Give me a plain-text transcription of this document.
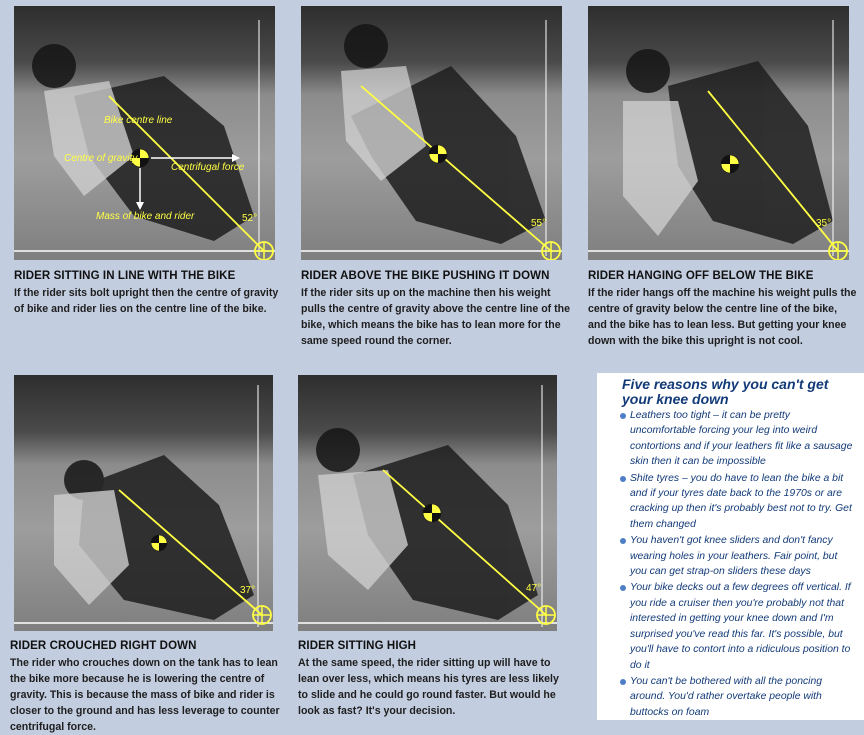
Bike centre line
Centre of gravity
Centrifugal force
Mass of bike and rider	52°
RIDER SITTING IN LINE WITH THE BIKE
If the rider sits bolt upright then the centre of gravity of bike and rider lies on the centre line of the bike.
55°
RIDER ABOVE THE BIKE PUSHING IT DOWN
If the rider sits up on the machine then his weight pulls the centre of gravity above the centre line of the bike, which means the bike has to lean more for the same speed round the corner.
35°
RIDER HANGING OFF BELOW THE BIKE
If the rider hangs off the machine his weight pulls the centre of gravity below the centre line of the bike, and the bike has to lean less. But getting your knee down with the bike this upright is not cool.
37°
RIDER CROUCHED RIGHT DOWN
The rider who crouches down on the tank has to lean the bike more because he is lowering the centre of gravity. This is because the mass of bike and rider is closer to the ground and has less leverage to counter centrifugal force.
47°
RIDER SITTING HIGH
At the same speed, the rider sitting up will have to lean over less, which means his tyres are less likely to slide and he could go round faster. But would he look as fast? It's your decision.
Five reasons why you can't get your knee down
Leathers too tight – it can be pretty uncomfortable forcing your leg into weird contortions and if your leathers fit like a sausage skin then it can be impossible
Shite tyres – you do have to lean the bike a bit and if your tyres date back to the 1970s or are cracking up then it's probably best not to try. Get them changed
You haven't got knee sliders and don't fancy wearing holes in your leathers. Fair point, but you can get strap-on sliders these days
Your bike decks out a few degrees off vertical. If you ride a cruiser then you're probably not that interested in getting your knee down and I'm surprised you've read this far. It's possible, but you'll have to contort into a ridiculous position to do it
You can't be bothered with all the poncing around. You'd rather overtake people with buttocks on foam
